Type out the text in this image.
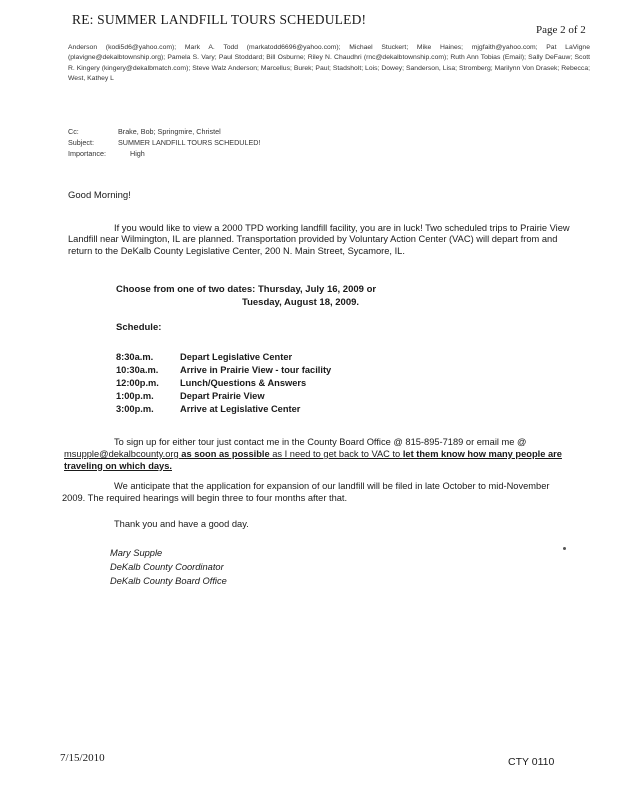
RE: SUMMER LANDFILL TOURS SCHEDULED!
Page 2 of 2
Anderson (kodi5d6@yahoo.com); Mark A. Todd (markatodd6696@yahoo.com); Michael Stuckert; Mike Haines; mjgfaith@yahoo.com; Pat LaVigne (plavigne@dekalbtownship.org); Pamela S. Vary; Paul Stoddard; Bill Osburne; Riley N. Chaudhri (rnc@dekalbtownship.com); Ruth Ann Tobias (Email); Sally DeFauw; Scott R. Kingery (kingery@dekalbmatch.com); Steve Walz Anderson; Marcellus; Burek; Paul; Stadsholt; Lois; Dowey; Sanderson, Lisa; Stromberg; Marilynn Von Drasek; Rebecca; West, Kathey L
Cc:	Brake, Bob; Springmire, Christel
Subject:	SUMMER LANDFILL TOURS SCHEDULED!
Importance:	High
Good Morning!
If you would like to view a 2000 TPD working landfill facility, you are in luck! Two scheduled trips to Prairie View Landfill near Wilmington, IL are planned. Transportation provided by Voluntary Action Center (VAC) will depart from and return to the DeKalb County Legislative Center, 200 N. Main Street, Sycamore, IL.
Choose from one of two dates: Thursday, July 16, 2009 or
Tuesday, August 18, 2009.
Schedule:
8:30a.m.	Depart Legislative Center
10:30a.m. Arrive in Prairie View - tour facility
12:00p.m. Lunch/Questions & Answers
1:00p.m.	Depart Prairie View
3:00p.m.	Arrive at Legislative Center
To sign up for either tour just contact me in the County Board Office @ 815-895-7189 or email me @ msupple@dekalbcounty.org as soon as possible as I need to get back to VAC to let them know how many people are traveling on which days.
We anticipate that the application for expansion of our landfill will be filed in late October to mid-November 2009. The required hearings will begin three to four months after that.
Thank you and have a good day.
Mary Supple
DeKalb County Coordinator
DeKalb County Board Office
7/15/2010	CTY 0110
